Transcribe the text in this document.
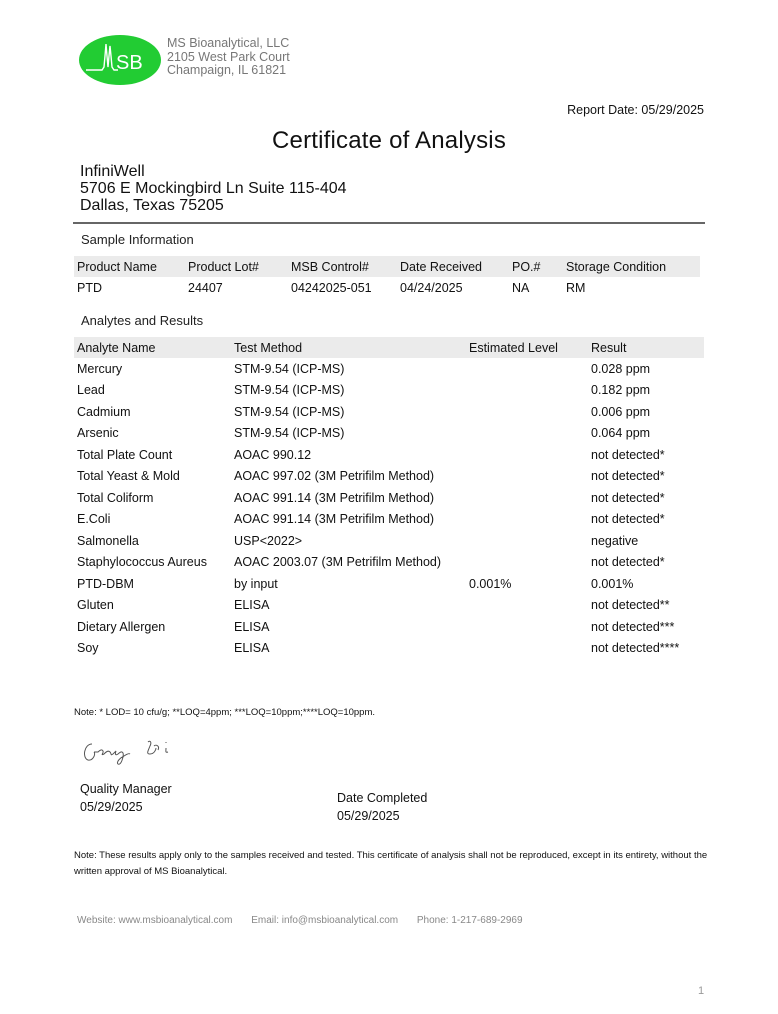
SB
MS Bioanalytical, LLC
2105 West Park Court
Champaign, IL 61821
Report Date: 05/29/2025
Certificate of Analysis
InfiniWell
5706 E Mockingbird Ln Suite 115-404
Dallas, Texas 75205
Sample Information
Product Name	Product Lot#	MSB Control#	Date Received	PO.#	Storage Condition
PTD	24407	04242025-051	04/24/2025	NA	RM
Analytes and Results
Analyte Name	Test Method	Estimated Level	Result
Mercury	STM-9.54 (ICP-MS)		0.028 ppm
Lead	STM-9.54 (ICP-MS)		0.182 ppm
Cadmium	STM-9.54 (ICP-MS)		0.006 ppm
Arsenic	STM-9.54 (ICP-MS)		0.064 ppm
Total Plate Count	AOAC 990.12		not detected*
Total Yeast & Mold	AOAC 997.02 (3M Petrifilm Method)		not detected*
Total Coliform	AOAC 991.14 (3M Petrifilm Method)		not detected*
E.Coli	AOAC 991.14 (3M Petrifilm Method)		not detected*
Salmonella	USP<2022>		negative
Staphylococcus Aureus	AOAC 2003.07 (3M Petrifilm Method)		not detected*
PTD-DBM	by input	0.001%	0.001%
Gluten	ELISA		not detected**
Dietary Allergen	ELISA		not detected***
Soy	ELISA		not detected****
Note: * LOD= 10 cfu/g; **LOQ=4ppm; ***LOQ=10ppm;****LOQ=10ppm.
Quality Manager
05/29/2025
Date Completed
05/29/2025
Note: These results apply only to the samples received and tested. This certificate of analysis shall not be reproduced, except in its entirety, without the written approval of MS Bioanalytical.
Website: www.msbioanalytical.com Email: info@msbioanalytical.com Phone: 1-217-689-2969
1
